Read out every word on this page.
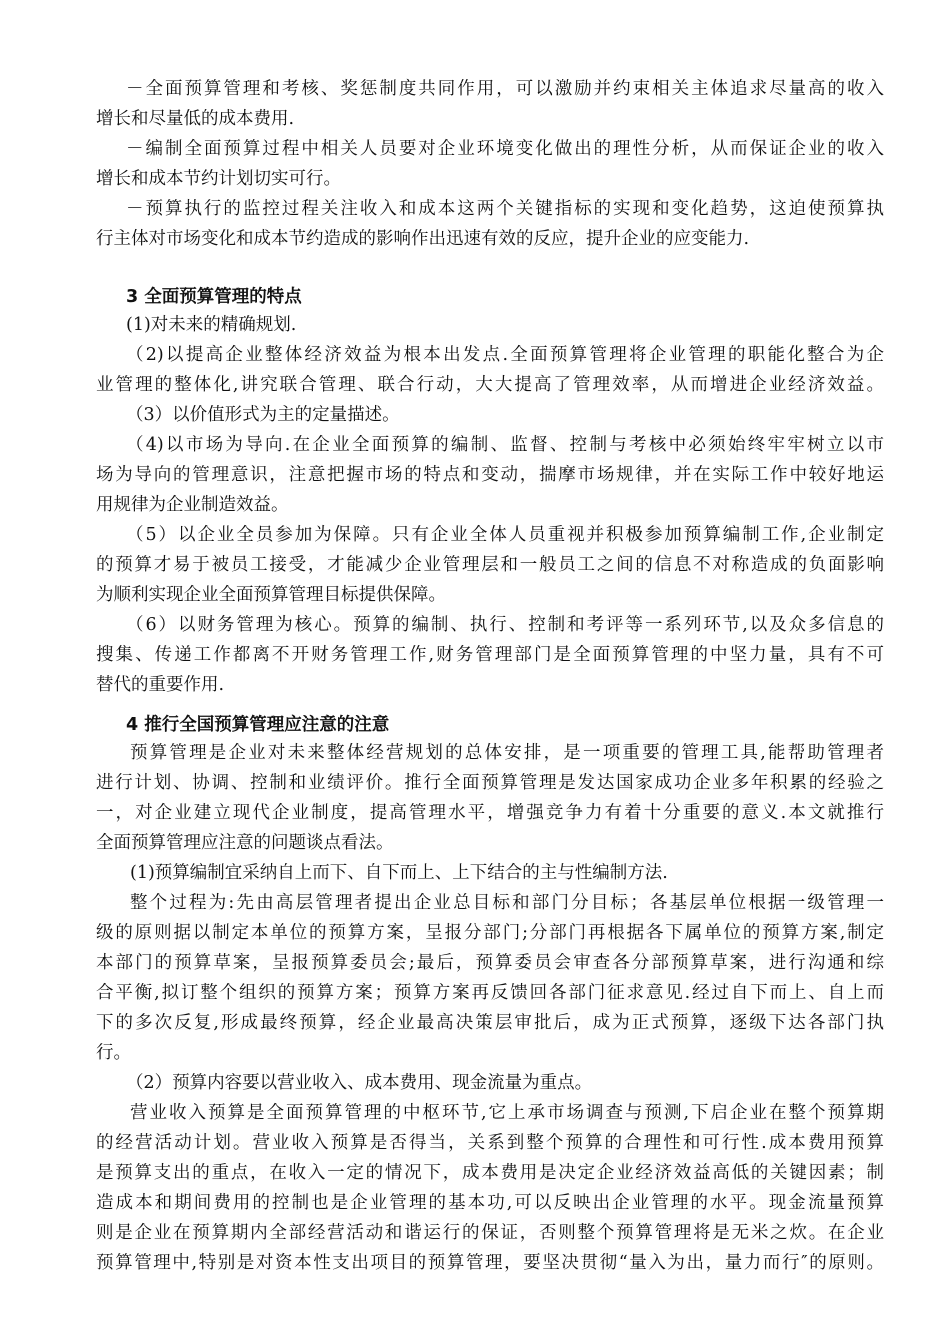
－全面预算管理和考核、奖惩制度共同作用，可以激励并约束相关主体追求尽量高的收入
增长和尽量低的成本费用.
－编制全面预算过程中相关人员要对企业环境变化做出的理性分析，从而保证企业的收入
增长和成本节约计划切实可行。
－预算执行的监控过程关注收入和成本这两个关键指标的实现和变化趋势，这迫使预算执
行主体对市场变化和成本节约造成的影响作出迅速有效的反应，提升企业的应变能力.
3 全面预算管理的特点
(1)对未来的精确规划.
（2)以提高企业整体经济效益为根本出发点.全面预算管理将企业管理的职能化整合为企
业管理的整体化,讲究联合管理、联合行动，大大提高了管理效率，从而增进企业经济效益。
（3）以价值形式为主的定量描述。
（4)以市场为导向.在企业全面预算的编制、监督、控制与考核中必须始终牢牢树立以市
场为导向的管理意识，注意把握市场的特点和变动，揣摩市场规律，并在实际工作中较好地运
用规律为企业制造效益。
（5）以企业全员参加为保障。只有企业全体人员重视并积极参加预算编制工作,企业制定
的预算才易于被员工接受，才能减少企业管理层和一般员工之间的信息不对称造成的负面影响
为顺利实现企业全面预算管理目标提供保障。
（6）以财务管理为核心。预算的编制、执行、控制和考评等一系列环节,以及众多信息的
搜集、传递工作都离不开财务管理工作,财务管理部门是全面预算管理的中坚力量，具有不可
替代的重要作用.
4 推行全国预算管理应注意的注意
预算管理是企业对未来整体经营规划的总体安排，是一项重要的管理工具,能帮助管理者
进行计划、协调、控制和业绩评价。推行全面预算管理是发达国家成功企业多年积累的经验之
一，对企业建立现代企业制度，提高管理水平，增强竞争力有着十分重要的意义.本文就推行
全面预算管理应注意的问题谈点看法。
(1)预算编制宜采纳自上而下、自下而上、上下结合的主与性编制方法.
整个过程为:先由高层管理者提出企业总目标和部门分目标；各基层单位根据一级管理一
级的原则据以制定本单位的预算方案，呈报分部门;分部门再根据各下属单位的预算方案,制定
本部门的预算草案，呈报预算委员会;最后，预算委员会审查各分部预算草案，进行沟通和综
合平衡,拟订整个组织的预算方案；预算方案再反馈回各部门征求意见.经过自下而上、自上而
下的多次反复,形成最终预算，经企业最高决策层审批后，成为正式预算，逐级下达各部门执
行。
（2）预算内容要以营业收入、成本费用、现金流量为重点。
营业收入预算是全面预算管理的中枢环节,它上承市场调查与预测,下启企业在整个预算期
的经营活动计划。营业收入预算是否得当，关系到整个预算的合理性和可行性.成本费用预算
是预算支出的重点，在收入一定的情况下，成本费用是决定企业经济效益高低的关键因素；制
造成本和期间费用的控制也是企业管理的基本功,可以反映出企业管理的水平。现金流量预算
则是企业在预算期内全部经营活动和谐运行的保证，否则整个预算管理将是无米之炊。在企业
预算管理中,特别是对资本性支出项目的预算管理，要坚决贯彻“量入为出，量力而行″的原则。
